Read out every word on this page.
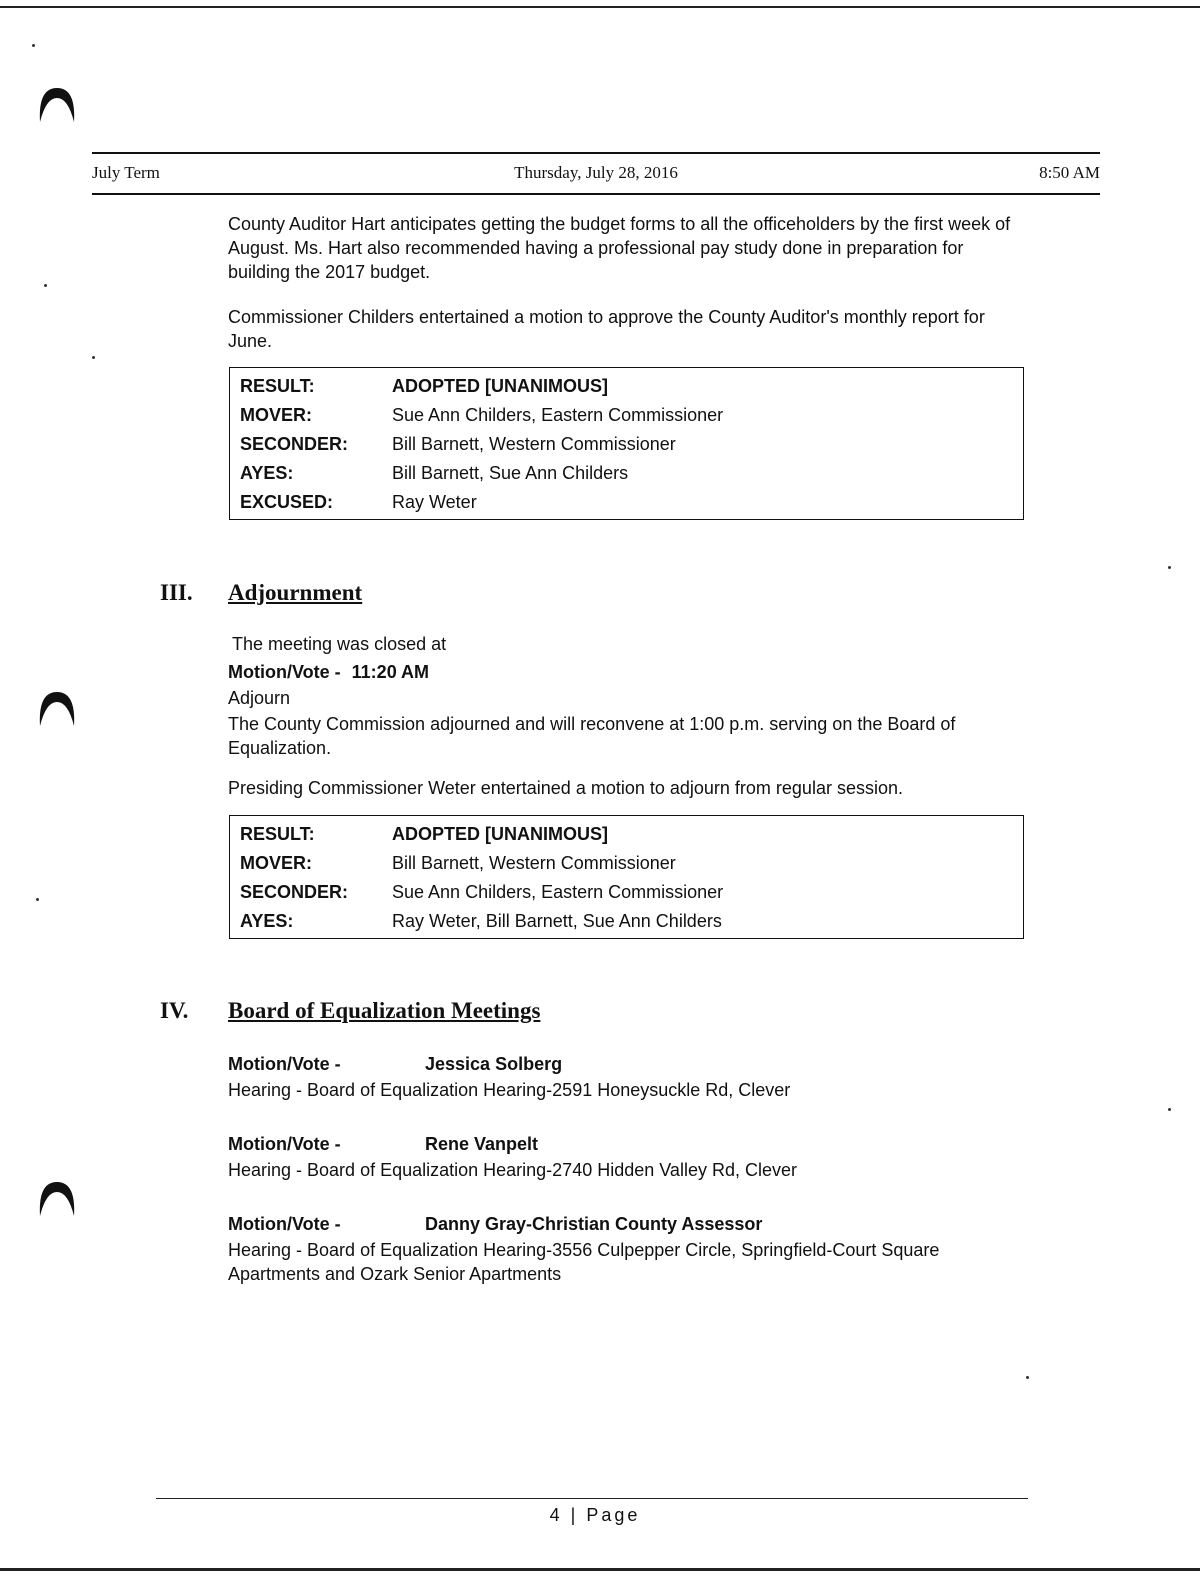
July Term	Thursday, July 28, 2016	8:50 AM

County Auditor Hart anticipates getting the budget forms to all the officeholders by the first week of August. Ms. Hart also recommended having a professional pay study done in preparation for building the 2017 budget.

Commissioner Childers entertained a motion to approve the County Auditor's monthly report for June.

RESULT:	ADOPTED [UNANIMOUS]
MOVER:	Sue Ann Childers, Eastern Commissioner
SECONDER: Bill Barnett, Western Commissioner
AYES:	Bill Barnett, Sue Ann Childers
EXCUSED:	Ray Weter
III. Adjournment
The meeting was closed at
Motion/Vote - 11:20 AM
Adjourn

The County Commission adjourned and will reconvene at 1:00 p.m. serving on the Board of Equalization.

Presiding Commissioner Weter entertained a motion to adjourn from regular session.

RESULT:	ADOPTED [UNANIMOUS]
MOVER:	Bill Barnett, Western Commissioner
SECONDER: Sue Ann Childers, Eastern Commissioner
AYES:	Ray Weter, Bill Barnett, Sue Ann Childers
IV. Board of Equalization Meetings
Motion/Vote -	Jessica Solberg
Hearing - Board of Equalization Hearing-2591 Honeysuckle Rd, Clever
Motion/Vote -	Rene Vanpelt
Hearing - Board of Equalization Hearing-2740 Hidden Valley Rd, Clever
Motion/Vote -	Danny Gray-Christian County Assessor
Hearing - Board of Equalization Hearing-3556 Culpepper Circle, Springfield-Court Square Apartments and Ozark Senior Apartments
4 | Page
